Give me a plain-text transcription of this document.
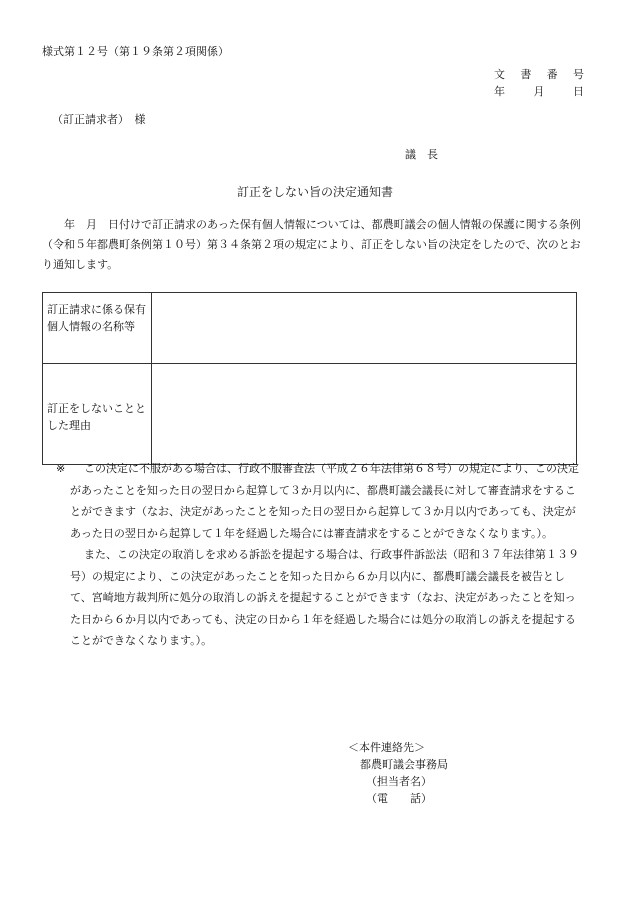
様式第１２号（第１９条第２項関係）
文 書 番 号
年	月	日
（訂正請求者）　様
議　長
訂正をしない旨の決定通知書
年　月　日付けで訂正請求のあった保有個人情報については、都農町議会の個人情報の保護に関する条例（令和５年都農町条例第１０号）第３４条第２項の規定により、訂正をしない旨の決定をしたので、次のとおり通知します。
訂正請求に係る保有個人情報の名称等	
訂正をしないこととした理由	
※	この決定に不服がある場合は、行政不服審査法（平成２６年法律第６８号）の規定により、この決定があったことを知った日の翌日から起算して３か月以内に、都農町議会議長に対して審査請求をすることができます（なお、決定があったことを知った日の翌日から起算して３か月以内であっても、決定があった日の翌日から起算して１年を経過した場合には審査請求をすることができなくなります。）。

また、この決定の取消しを求める訴訟を提起する場合は、行政事件訴訟法（昭和３７年法律第１３９号）の規定により、この決定があったことを知った日から６か月以内に、都農町議会議長を被告として、宮崎地方裁判所に処分の取消しの訴えを提起することができます（なお、決定があったことを知った日から６か月以内であっても、決定の日から１年を経過した場合には処分の取消しの訴えを提起することができなくなります。）。

＜本件連絡先＞
都農町議会事務局
（担当者名）
（電　　話）
